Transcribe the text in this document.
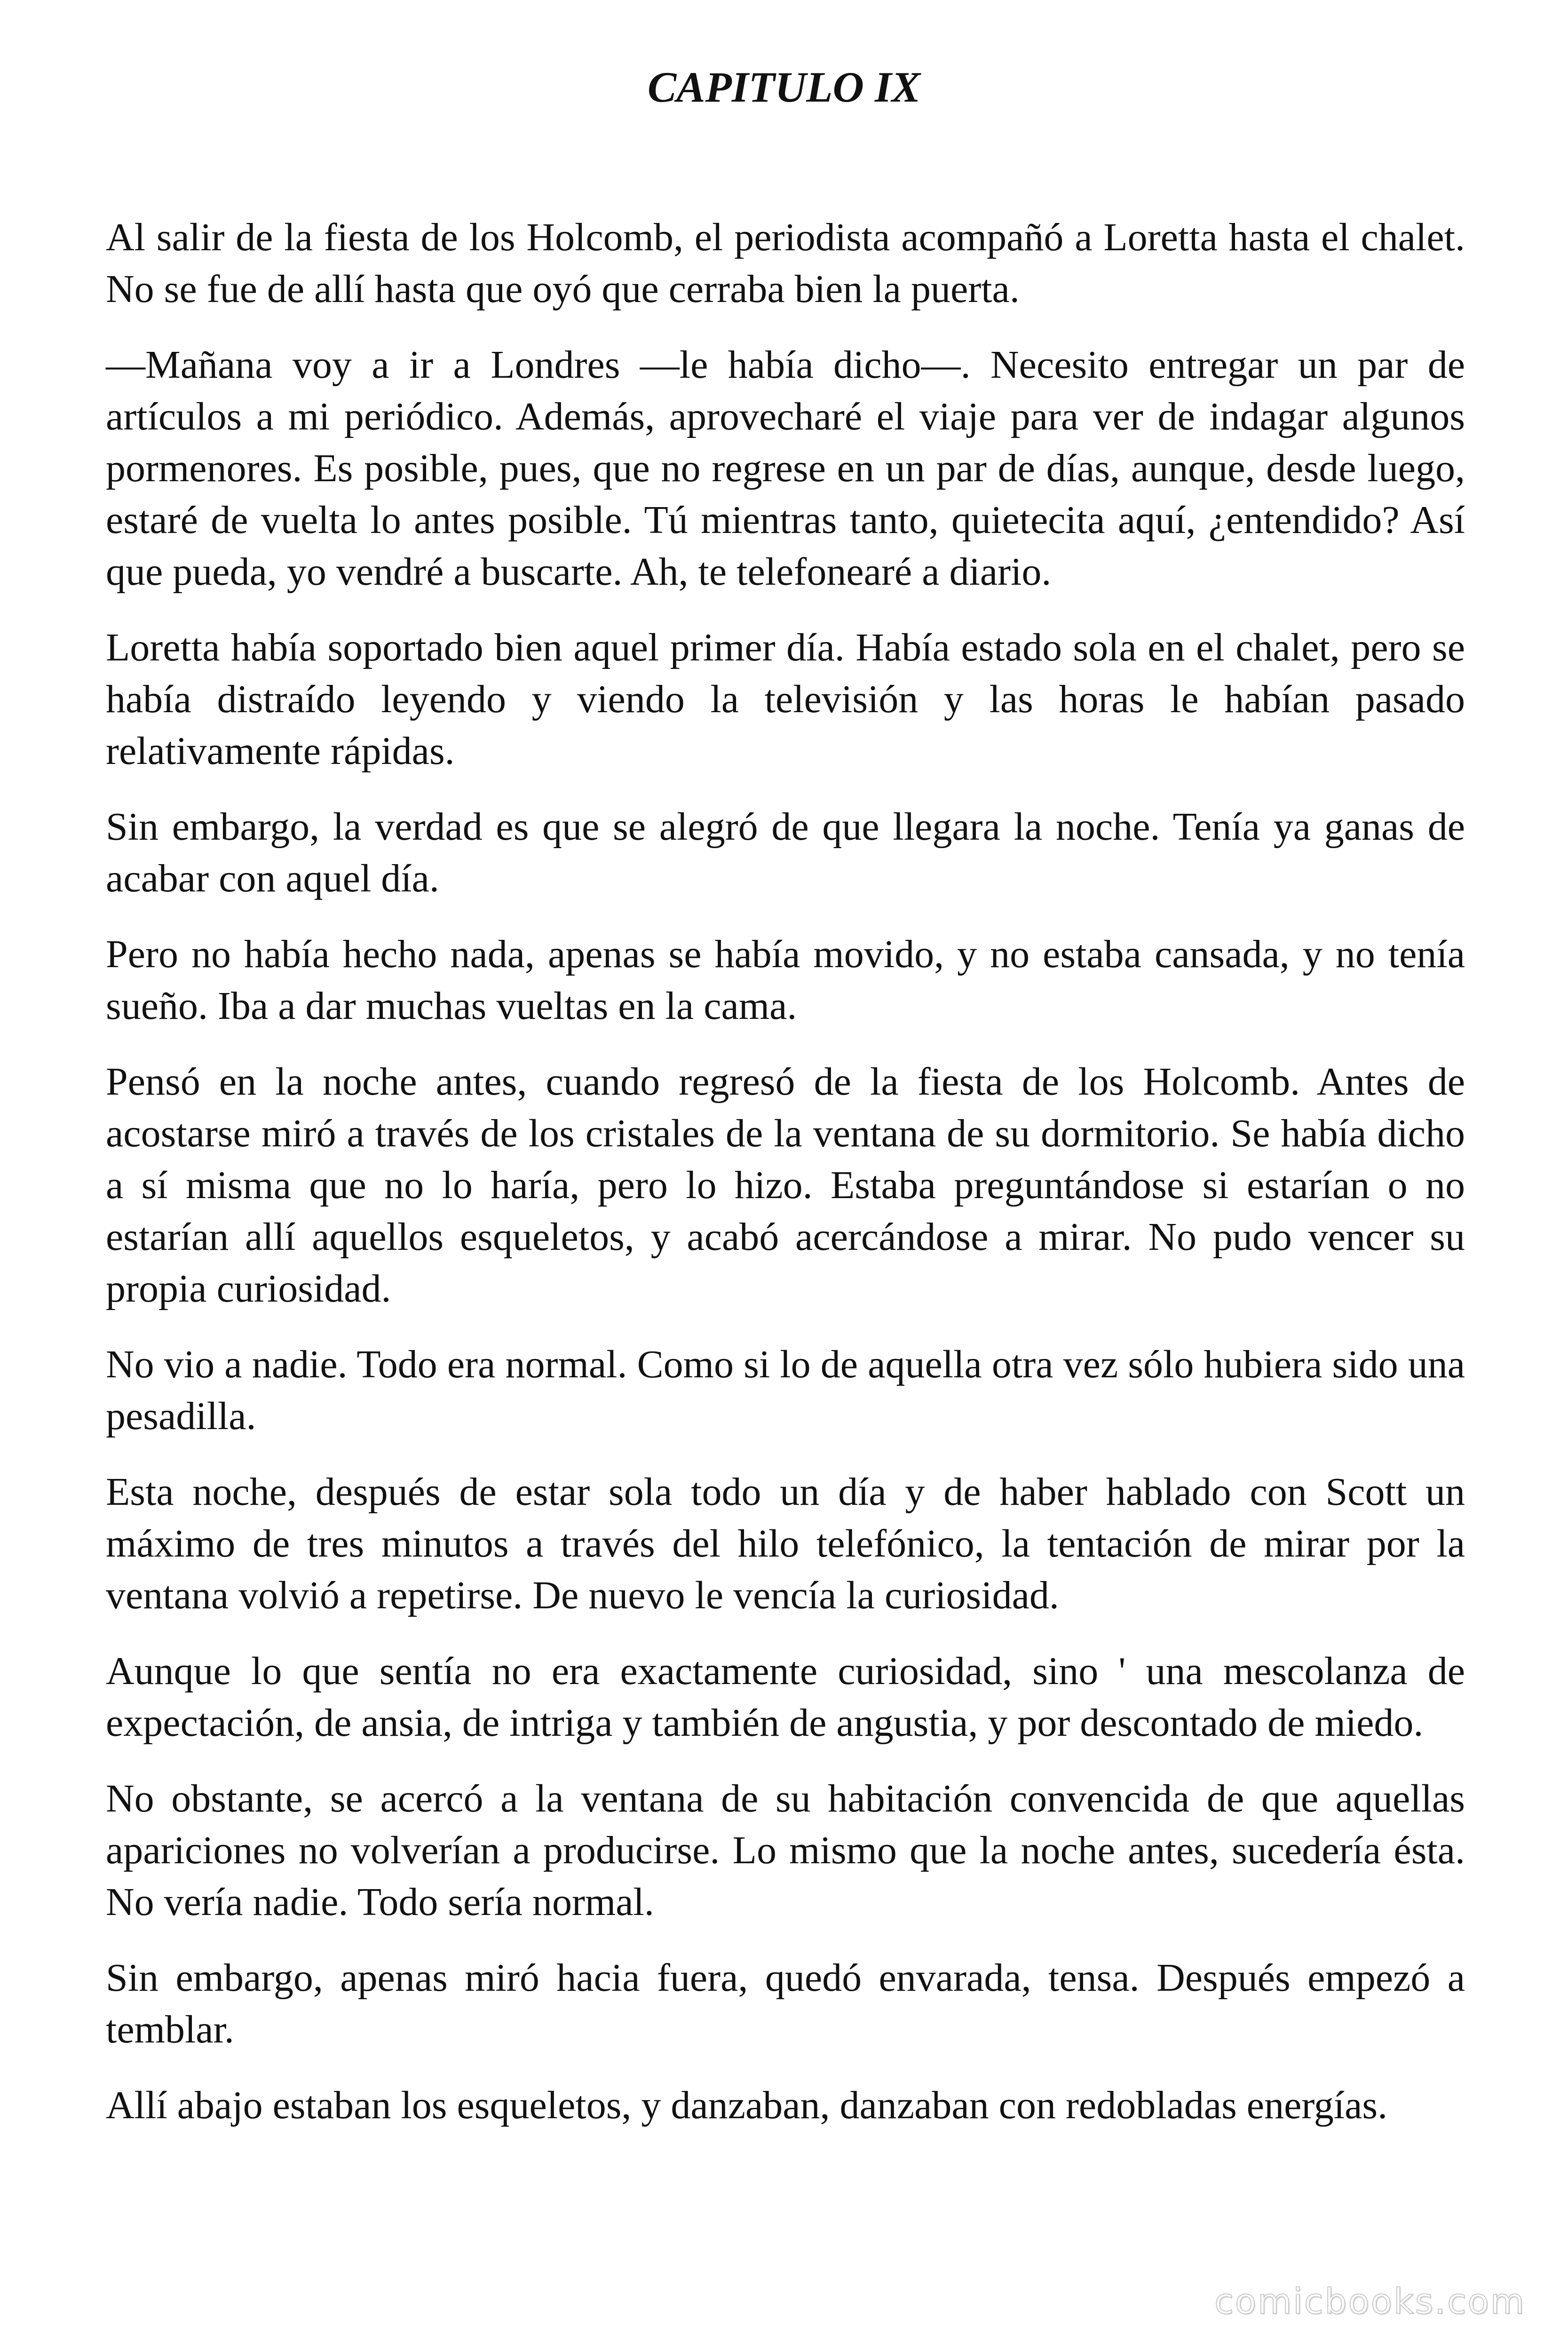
CAPITULO IX

Al salir de la fiesta de los Holcomb, el periodista acompañó a Loretta hasta el chalet. No se fue de allí hasta que oyó que cerraba bien la puerta.

—Mañana voy a ir a Londres —le había dicho—. Necesito entregar un par de artículos a mi periódico. Además, aprovecharé el viaje para ver de indagar algunos pormenores. Es posible, pues, que no regrese en un par de días, aunque, desde luego, estaré de vuelta lo antes posible. Tú mientras tanto, quietecita aquí, ¿entendido? Así que pueda, yo vendré a buscarte. Ah, te telefonearé a diario.

Loretta había soportado bien aquel primer día. Había estado sola en el chalet, pero se había distraído leyendo y viendo la televisión y las horas le habían pasado relativamente rápidas.

Sin embargo, la verdad es que se alegró de que llegara la noche. Tenía ya ganas de acabar con aquel día.

Pero no había hecho nada, apenas se había movido, y no estaba cansada, y no tenía sueño. Iba a dar muchas vueltas en la cama.

Pensó en la noche antes, cuando regresó de la fiesta de los Holcomb. Antes de acostarse miró a través de los cristales de la ventana de su dormitorio. Se había dicho a sí misma que no lo haría, pero lo hizo. Estaba preguntándose si estarían o no estarían allí aquellos esqueletos, y acabó acercándose a mirar. No pudo vencer su propia curiosidad.

No vio a nadie. Todo era normal. Como si lo de aquella otra vez sólo hubiera sido una pesadilla.

Esta noche, después de estar sola todo un día y de haber hablado con Scott un máximo de tres minutos a través del hilo telefónico, la tentación de mirar por la ventana volvió a repetirse. De nuevo le vencía la curiosidad.

Aunque lo que sentía no era exactamente curiosidad, sino ' una mescolanza de expectación, de ansia, de intriga y también de angustia, y por descontado de miedo.

No obstante, se acercó a la ventana de su habitación convencida de que aquellas apariciones no volverían a producirse. Lo mismo que la noche antes, sucedería ésta. No vería nadie. Todo sería normal.

Sin embargo, apenas miró hacia fuera, quedó envarada, tensa. Después empezó a temblar.

Allí abajo estaban los esqueletos, y danzaban, danzaban con redobladas energías.

comicbooks.com
